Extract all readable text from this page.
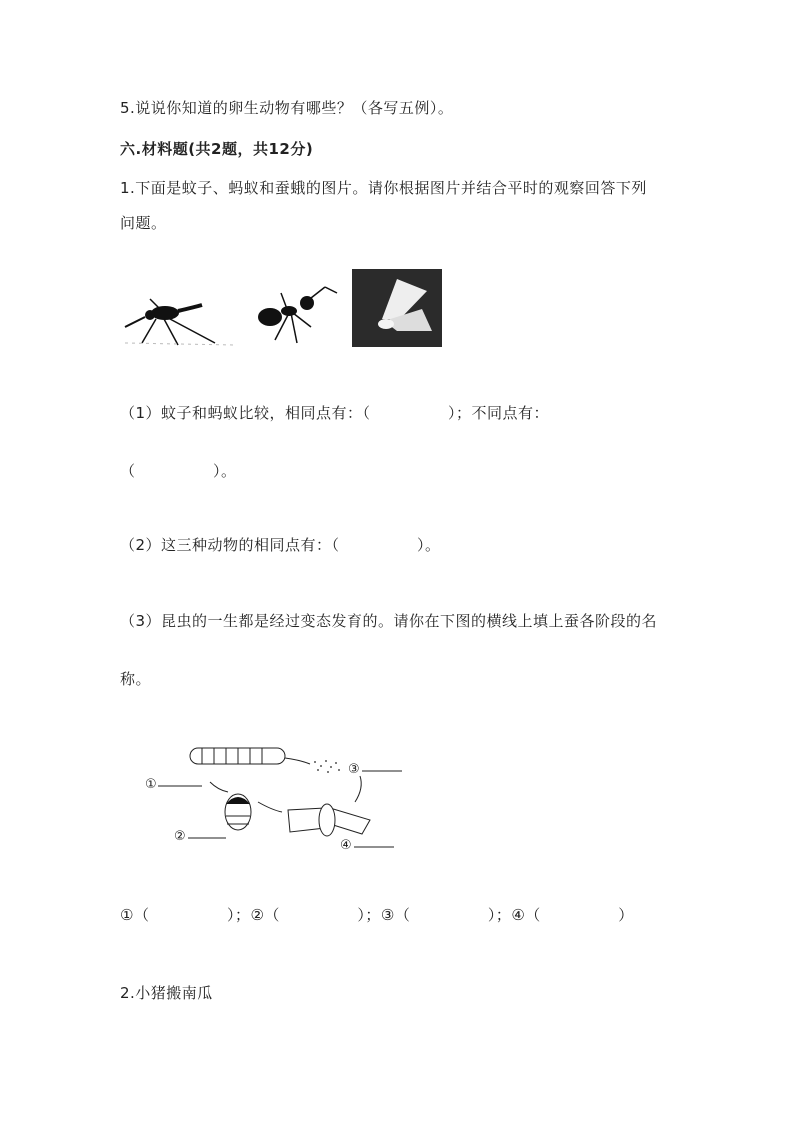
5.说说你知道的卵生动物有哪些？（各写五例）。
六.材料题(共2题，共12分)
1.下面是蚊子、蚂蚁和蚕蛾的图片。请你根据图片并结合平时的观察回答下列
问题。
（1）蚊子和蚂蚁比较，相同点有：（　　　　　）；不同点有：
（　　　　　）。
（2）这三种动物的相同点有：（　　　　　）。
（3）昆虫的一生都是经过变态发育的。请你在下图的横线上填上蚕各阶段的名
称。
①
②
③
④
①（　　　　　）；②（　　　　　）；③（　　　　　）；④（　　　　　）
2.小猪搬南瓜
